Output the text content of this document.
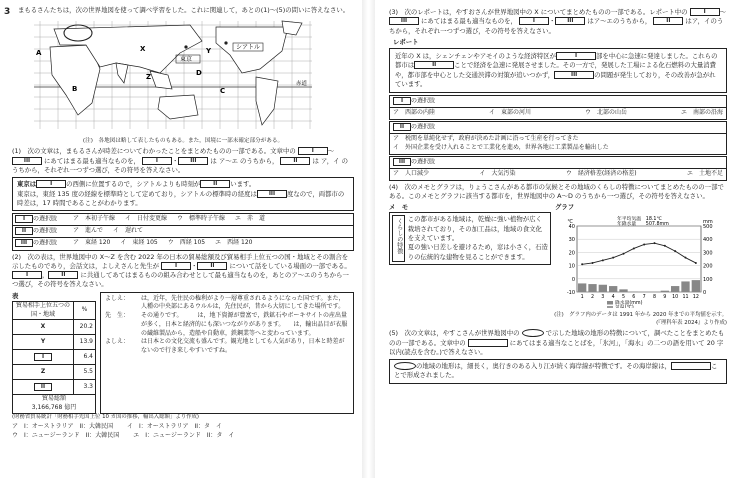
3	まもるさんたちは，次の世界地図を使って調べ学習をした。これに関連して，あとの(1)〜(5)の問いに答えなさい。

東京
シアトル
A
B	C
D
X	Y
Z
赤道

(注)　各地図は略して表したものもある。また，国境に一部未確定部分がある。

(1)　次の文章は，まもるさんが時差についてわかったことをまとめたものの一部である。文章中の	I 〜III にあてはまる最も適当なものを，	I ・ III は ア〜エ のうちから，	II は ア，イ のうちから，それぞれ一つずつ選び，その符号を答えなさい。

東京は I の西側に位置するので，シアトルよりも時刻が II います。

東京は，東経 135 度の経線を標準時として定めており，シアトルの標準時の経度は III 度なので，両都市の時差は，17 時間であることがわかります。

I の選択肢	ア　本初子午線 イ　日付変更線 ウ　標準時子午線 エ　赤　道
II の選択肢	ア　進んで イ　遅れて
III の選択肢	ア　東経 120 イ　東経 105 ウ　西経 105 エ　西経 120

(2)　次の表は，世界地図中の X〜Z を含む 2022 年の日本の貿易総額及び貿易相手上位五つの国・地域とその割合を示したものであり，会話文は，よしえさんと先生が	I ・ II について話をしている場面の一部である。 I ， II に共通してあてはまるものの組み合わせとして最も適当なものを，あとのア〜エのうちから一つ選び，その符号を答えなさい。

表
貿易相手上位五つの国・地域	%
X	20.2
Y	13.9
I	6.4
Z	5.5
II	3.3

貿易総額
3,166,768 億円	
よしえ：	は，近年，先住民の権利がより一層尊重されるようになった国です。また，人種の中央部にあるウルルは，先住民が，昔から大切にしてきた場所です。
先　生：	その通りです。　　　は，地下資源が豊富で，鉄鉱石やボーキサイトの産出量が多く，日本と経済的にも深いつながりがあります。　　は，輸出品目が衣服の繊維製品から，造船や自動車，鉄鋼業等へと変わっています。
よしえ：	は日本との文化交流も盛んです。観光地としても人気があり，日本と時差がないので行き来しやすいですね。

(財務省貿易統計「財務相手先国上位 10 カ国の推移，輸出入総額」より作成)

ア　I：オーストラリア　II：大韓民国 イ　I：オーストラリア　II：タ　イ
ウ　I：ニュージーランド　II：大韓民国 エ　I：ニュージーランド　II：タ　イ

(3)　次のレポートは，やすおさんが世界地図中の X についてまとめたものの一部である。レポート中の	I 〜III にあてはまる最も適当なものを，	I ・ III はア〜エのうちから，	II はア，イのうちから，それぞれ一つずつ選び，その符号を答えなさい。

レポート

近年の X は，シェンチェンやアモイのような経済特区が	I	部を中心に急速に発達しました。これらの都市は	II	ことで経済を急速に発展させました。その一方で，発展した工場による化石燃料の大量消費や，都市部を中心とした交通渋滞の対策が追いつかず，	III	の問題が発生しており，その改善が急がれています。

I の選択肢
ア　西部の内陸	イ　東部の河川	ウ　北部の山岳	エ　南部の沿海
II の選択肢
ア　税関を単純化せず，政府が決めた計画に沿って生産を行ってきた
イ　外国企業を受け入れることで工業化を進め，世界各地に工業製品を輸出した
III の選択肢
ア　人口減少	イ　大気汚染	ウ　経済格差(経済の格差)	エ　土地不足

(4)　次のメモとグラフは，りょうこさんがある都市の気候とその地域のくらしの特徴についてまとめたものの一部である。このメモとグラフに該当する都市を，世界地図中の A〜D のうちから一つ選び，その符号を答えなさい。

メ　モ
くらしの特徴 この都市がある地域は，乾燥に強い植物が広く栽培されており，その加工品は，地域の食文化を支えています。

夏の強い日差しを避けるため，窓は小さく，石造りの伝統的な建物を見ることができます。

グラフ
-10
0
10
20
30
40
0
100
200
300
400
500
℃	mm
年平均気温　18.1℃
年降水量　　507.8mm
1 2 3 4 5 6 7 8 9 10 11 12
降水量(mm)
気温(℃)

(注)　グラフ内のデータは 1991 年から 2020 年までの平均値を示す。

(『理科年表 2024』より作成)

(5)　次の文章は，やすこさんが世界地図中の	で示した地域の地形の特徴について，調べたことをまとめたものの一部である。文章中の	にあてはまる適当なことばを，「氷河」，「海水」の二つの語を用いて 20 字以内(読点を含む。)で答えなさい。

の地域の地形は，細長く，奥行きのある入り江が続く海岸線が特徴です。その海岸線は，	ことで形成されました。
